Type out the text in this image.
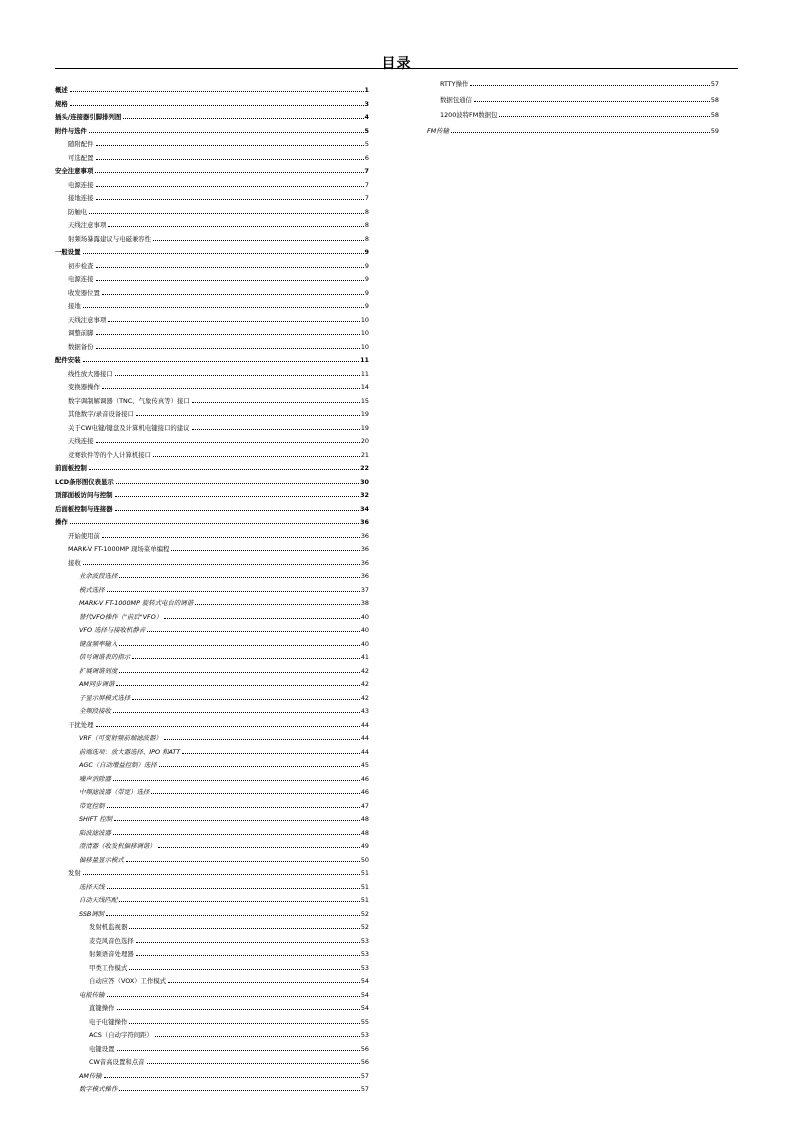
目录
概述	1
规格	3
插头/连接器引脚排列图	4
附件与选件	5
随附配件	5
可选配置	6
安全注意事项	7
电源连接	7
接地连接	7
防触电	8
天线注意事项	8
射频场暴露建议与电磁兼容性	8
一般设置	9
初步检查	9
电源连接	9
收发器位置	9
接地	9
天线注意事项	10
调整前脚	10
数据备份	10
配件安装	11
线性放大器接口	11
变换器操作	14
数字调制解调器（TNC、气象传真等）接口	15
其他数字/录音设备接口	19
关于CW电键/键盘及计算机电键接口的建议	19
天线连接	20
竞赛软件等的个人计算机接口	21
前面板控制	22
LCD条形图仪表显示	30
顶部面板访问与控制	32
后面板控制与连接器	34
操作	36
开始使用前	36
MARK-V FT-1000MP 现场菜单编程	36
接收	36
业余波段选择	36
模式选择	37
MARK-V FT-1000MP 旋转式电台的调谐	38
替代VFO操作（"前后"VFO）	40
VFO 选择与接收机静音	40
键盘频率输入	40
信号调谐表的指示	41
扩展调谐刻度	42
AM同步调谐	42
子显示屏模式选择	42
全频段接收	43
干扰处理	44
VRF（可变射频前端滤波器）	44
前端选项：放大器选择、IPO 和ATT	44
AGC（自动增益控制）选择	45
噪声消除器	46
中频滤波器（带宽）选择	46
带宽控制	47
SHIFT 控制	48
陷波滤波器	48
澄清器（收发机偏移调谐）	49
偏移量显示模式	50
发射	51
选择天线	51
自动天线匹配	51
SSB调制	52
发射机监视器	52
麦克风音色选择	53
射频语音处理器	53
甲类工作模式	53
自动应答（VOX）工作模式	54
电报传输	54
直键操作	54
电子电键操作	55
ACS（自动字符间距）	53
电键设置	56
CW音高设置和点音	56
AM传输	57
数字模式操作	57
RTTY操作	57
数据包通信	58
1200波特FM数据包	58
FM传输	59
